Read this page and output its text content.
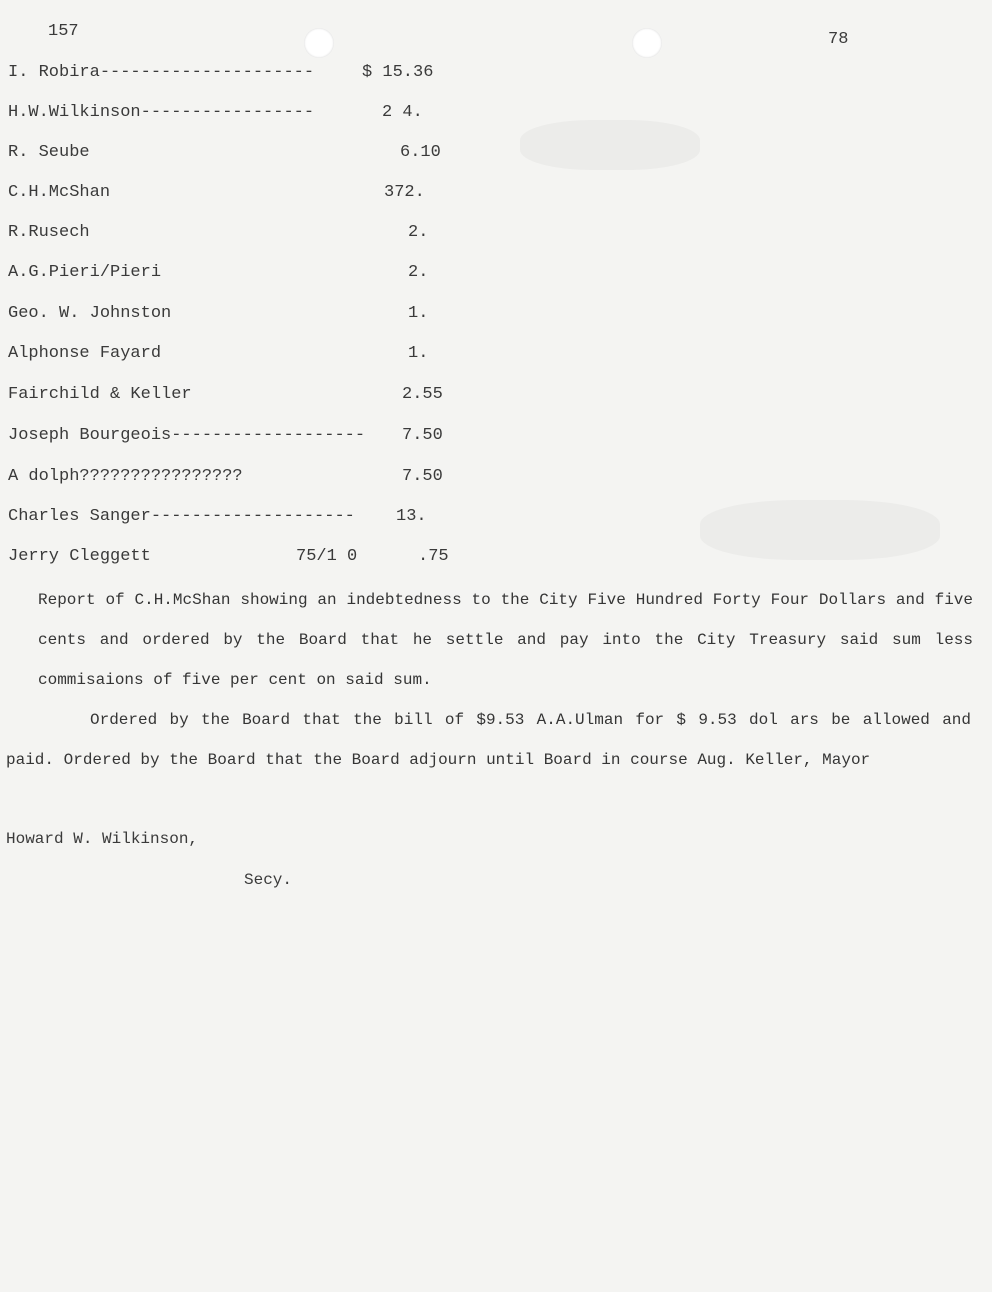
157	78
I. Robira---------------------	$ 15.36
H.W.Wilkinson-----------------	2 4.
R. Seube	6.10
C.H.McShan	372.
R.Rusech	2.
A.G.Pieri/Pieri	2.
Geo. W. Johnston	1.
Alphonse Fayard	1.
Fairchild & Keller	2.55
Joseph Bourgeois------------------- 7.50
A dolph????????????????	7.50
Charles Sanger-------------------- 13.
Jerry Cleggett	75/1 0	.75

Report of C.H.McShan showing an indebtedness to the City Five Hundred Forty Four Dollars and five cents and ordered by the Board that he settle and pay into the City Treasury said sum less commisaions of five per cent on said sum.

Ordered by the Board that the bill of $9.53 A.A.Ulman for $ 9.53 dol ars be allowed and paid. Ordered by the Board that the Board adjourn until Board in course Aug. Keller, Mayor

Howard W. Wilkinson,
Secy.
